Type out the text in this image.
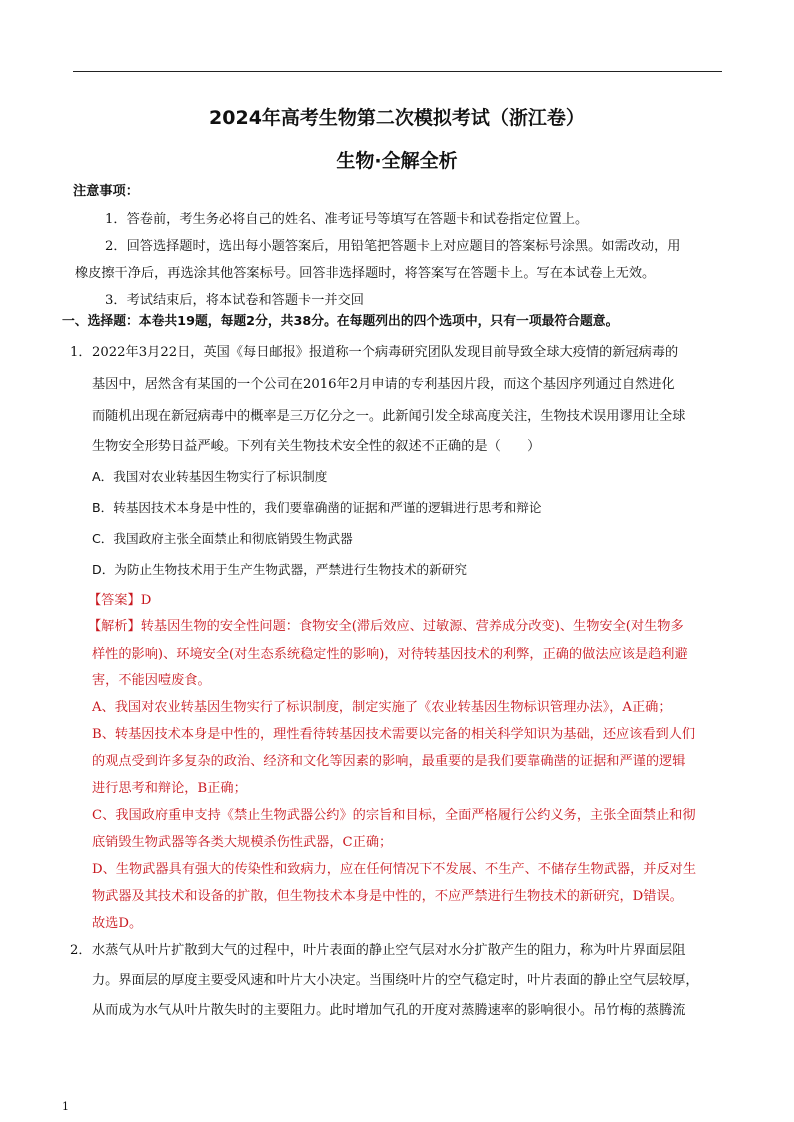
2024年高考生物第二次模拟考试（浙江卷）
生物·全解全析
注意事项：
1．答卷前，考生务必将自己的姓名、准考证号等填写在答题卡和试卷指定位置上。
2．回答选择题时，选出每小题答案后，用铅笔把答题卡上对应题目的答案标号涂黑。如需改动，用
橡皮擦干净后，再选涂其他答案标号。回答非选择题时，将答案写在答题卡上。写在本试卷上无效。
3．考试结束后，将本试卷和答题卡一并交回
一、选择题：本卷共19题，每题2分，共38分。在每题列出的四个选项中，只有一项最符合题意。
1． 2022年3月22日，英国《每日邮报》报道称一个病毒研究团队发现目前导致全球大疫情的新冠病毒的
基因中，居然含有某国的一个公司在2016年2月申请的专利基因片段，而这个基因序列通过自然进化
而随机出现在新冠病毒中的概率是三万亿分之一。此新闻引发全球高度关注，生物技术误用谬用让全球
生物安全形势日益严峻。下列有关生物技术安全性的叙述不正确的是（　　）
A．我国对农业转基因生物实行了标识制度
B．转基因技术本身是中性的，我们要靠确凿的证据和严谨的逻辑进行思考和辩论
C．我国政府主张全面禁止和彻底销毁生物武器
D．为防止生物技术用于生产生物武器，严禁进行生物技术的新研究
【答案】D
【解析】转基因生物的安全性问题：食物安全(滞后效应、过敏源、营养成分改变)、生物安全(对生物多
样性的影响)、环境安全(对生态系统稳定性的影响)，对待转基因技术的利弊，正确的做法应该是趋利避
害，不能因噎废食。
A、我国对农业转基因生物实行了标识制度，制定实施了《农业转基因生物标识管理办法》，A正确；
B、转基因技术本身是中性的，理性看待转基因技术需要以完备的相关科学知识为基础，还应该看到人们
的观点受到许多复杂的政治、经济和文化等因素的影响，最重要的是我们要靠确凿的证据和严谨的逻辑
进行思考和辩论，B正确；
C、我国政府重申支持《禁止生物武器公约》的宗旨和目标，全面严格履行公约义务，主张全面禁止和彻
底销毁生物武器等各类大规模杀伤性武器，C正确；
D、生物武器具有强大的传染性和致病力，应在任何情况下不发展、不生产、不储存生物武器，并反对生
物武器及其技术和设备的扩散，但生物技术本身是中性的，不应严禁进行生物技术的新研究，D错误。
故选D。
2． 水蒸气从叶片扩散到大气的过程中，叶片表面的静止空气层对水分扩散产生的阻力，称为叶片界面层阻
力。界面层的厚度主要受风速和叶片大小决定。当围绕叶片的空气稳定时，叶片表面的静止空气层较厚，
从而成为水气从叶片散失时的主要阻力。此时增加气孔的开度对蒸腾速率的影响很小。吊竹梅的蒸腾流
1
